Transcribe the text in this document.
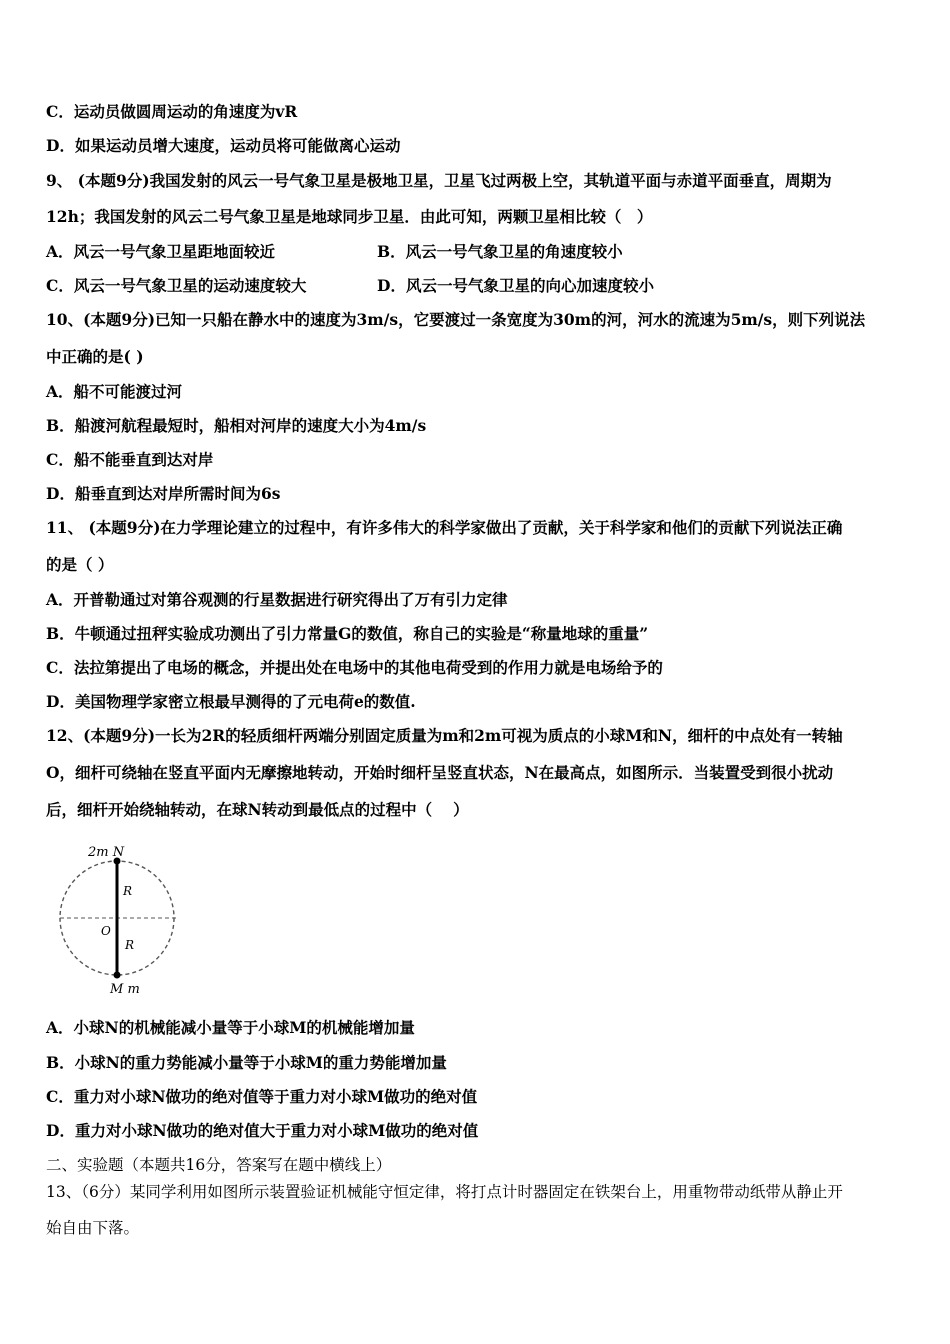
C．运动员做圆周运动的角速度为vR
D．如果运动员增大速度，运动员将可能做离心运动
9、 (本题9分)我国发射的风云一号气象卫星是极地卫星，卫星飞过两极上空，其轨道平面与赤道平面垂直，周期为
12h；我国发射的风云二号气象卫星是地球同步卫星．由此可知，两颗卫星相比较（　）
A．风云一号气象卫星距地面较近	B．风云一号气象卫星的角速度较小
C．风云一号气象卫星的运动速度较大	D．风云一号气象卫星的向心加速度较小
10、(本题9分)已知一只船在静水中的速度为3m/s，它要渡过一条宽度为30m的河，河水的流速为5m/s，则下列说法
中正确的是( )
A．船不可能渡过河
B．船渡河航程最短时，船相对河岸的速度大小为4m/s
C．船不能垂直到达对岸
D．船垂直到达对岸所需时间为6s
11、 (本题9分)在力学理论建立的过程中，有许多伟大的科学家做出了贡献，关于科学家和他们的贡献下列说法正确
的是（ ）
A．开普勒通过对第谷观测的行星数据进行研究得出了万有引力定律
B．牛顿通过扭秤实验成功测出了引力常量G的数值，称自己的实验是“称量地球的重量”
C．法拉第提出了电场的概念，并提出处在电场中的其他电荷受到的作用力就是电场给予的
D．美国物理学家密立根最早测得的了元电荷e的数值.
12、(本题9分)一长为2R的轻质细杆两端分别固定质量为m和2m可视为质点的小球M和N，细杆的中点处有一转轴
O，细杆可绕轴在竖直平面内无摩擦地转动，开始时细杆呈竖直状态，N在最高点，如图所示．当装置受到很小扰动
后，细杆开始绕轴转动，在球N转动到最低点的过程中（　 ）
2m N
R
O
R
M m
A．小球N的机械能减小量等于小球M的机械能增加量
B．小球N的重力势能减小量等于小球M的重力势能增加量
C．重力对小球N做功的绝对值等于重力对小球M做功的绝对值
D．重力对小球N做功的绝对值大于重力对小球M做功的绝对值
二、实验题（本题共16分，答案写在题中横线上）
13、（6分）某同学利用如图所示装置验证机械能守恒定律，将打点计时器固定在铁架台上，用重物带动纸带从静止开
始自由下落。
